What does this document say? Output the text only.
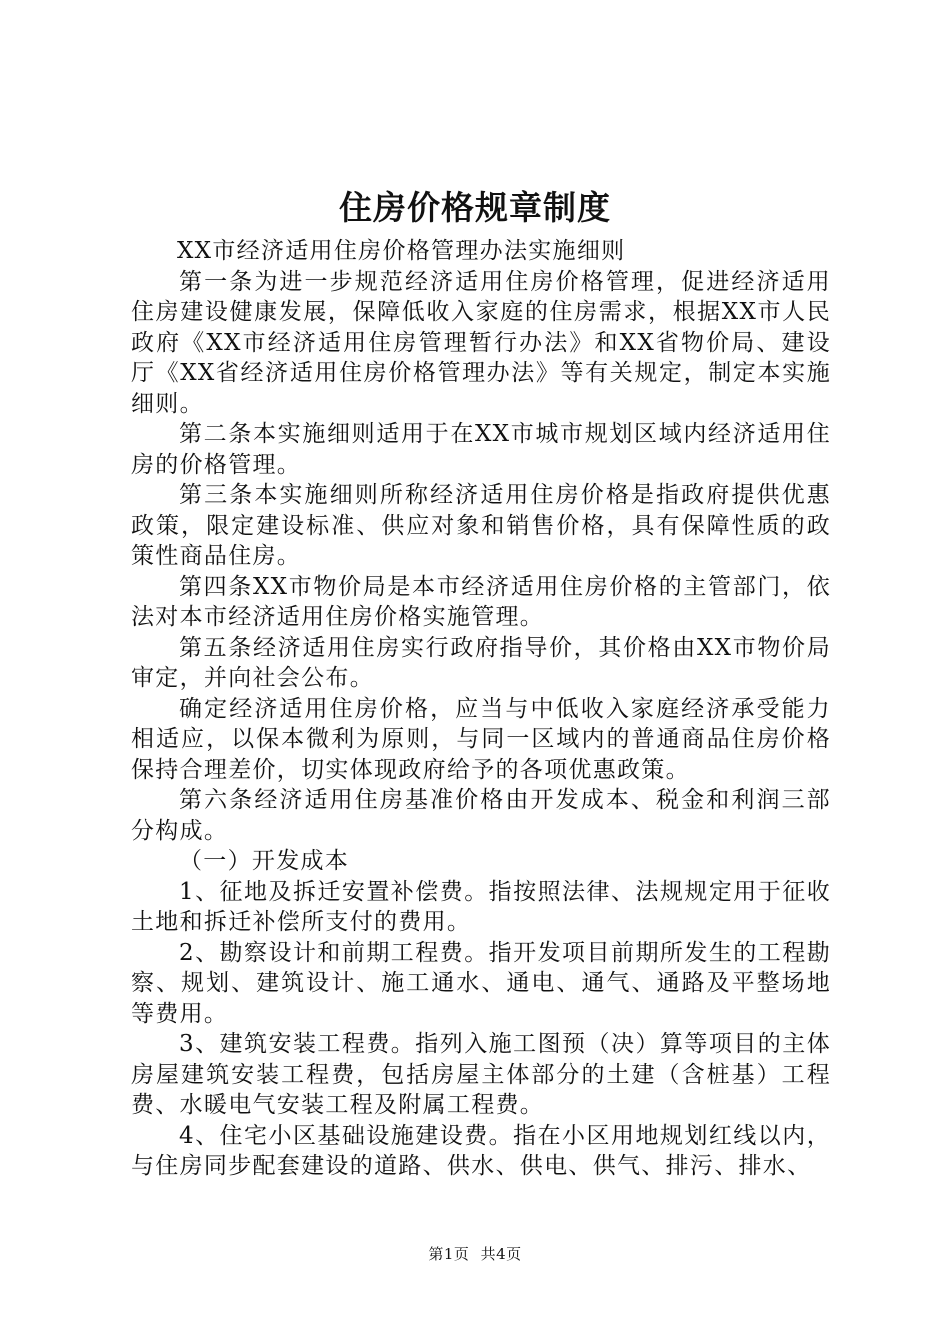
住房价格规章制度

XX市经济适用住房价格管理办法实施细则

第一条为进一步规范经济适用住房价格管理，促进经济适用住房建设健康发展，保障低收入家庭的住房需求，根据XX市人民政府《XX市经济适用住房管理暂行办法》和XX省物价局、建设厅《XX省经济适用住房价格管理办法》等有关规定，制定本实施细则。

第二条本实施细则适用于在XX市城市规划区域内经济适用住房的价格管理。

第三条本实施细则所称经济适用住房价格是指政府提供优惠政策，限定建设标准、供应对象和销售价格，具有保障性质的政策性商品住房。

第四条XX市物价局是本市经济适用住房价格的主管部门，依法对本市经济适用住房价格实施管理。

第五条经济适用住房实行政府指导价，其价格由XX市物价局审定，并向社会公布。

确定经济适用住房价格，应当与中低收入家庭经济承受能力相适应，以保本微利为原则，与同一区域内的普通商品住房价格保持合理差价，切实体现政府给予的各项优惠政策。

第六条经济适用住房基准价格由开发成本、税金和利润三部分构成。

（一）开发成本

1、征地及拆迁安置补偿费。指按照法律、法规规定用于征收土地和拆迁补偿所支付的费用。

2、勘察设计和前期工程费。指开发项目前期所发生的工程勘察、规划、建筑设计、施工通水、通电、通气、通路及平整场地等费用。

3、建筑安装工程费。指列入施工图预（决）算等项目的主体房屋建筑安装工程费，包括房屋主体部分的土建（含桩基）工程费、水暖电气安装工程及附属工程费。

4、住宅小区基础设施建设费。指在小区用地规划红线以内，与住房同步配套建设的道路、供水、供电、供气、排污、排水、

第1页 共4页
